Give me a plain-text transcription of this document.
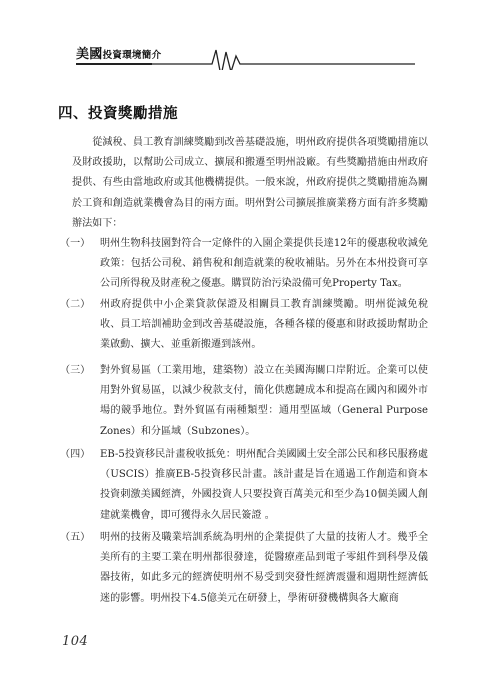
美國投資環境簡介
四、投資獎勵措施

從減稅、員工教育訓練獎勵到改善基礎設施，明州政府提供各項獎勵措施以及財政援助，以幫助公司成立、擴展和搬遷至明州設廠。有些獎勵措施由州政府提供、有些由當地政府或其他機構提供。一般來說，州政府提供之獎勵措施為關於工資和創造就業機會為目的兩方面。明州對公司擴展推廣業務方面有許多獎勵辦法如下：

（一） 明州生物科技園對符合一定條件的入園企業提供長達12年的優惠稅收減免政策：包括公司稅、銷售稅和創造就業的稅收補貼。另外在本州投資可享公司所得稅及財產稅之優惠。購買防治污染設備可免Property Tax。
（二） 州政府提供中小企業貸款保證及相關員工教育訓練獎勵。明州從減免稅收、員工培訓補助金到改善基礎設施，各種各樣的優惠和財政援助幫助企業啟動、擴大、並重新搬遷到該州。
（三） 對外貿易區（工業用地，建築物）設立在美國海關口岸附近。企業可以使用對外貿易區，以減少稅款支付，簡化供應鏈成本和提高在國內和國外市場的競爭地位。對外貿區有兩種類型：通用型區域（General Purpose Zones）和分區域（Subzones）。
（四） EB-5投資移民計畫稅收抵免：明州配合美國國土安全部公民和移民服務處（USCIS）推廣EB-5投資移民計畫。該計畫是旨在通過工作創造和資本投資刺激美國經濟，外國投資人只要投資百萬美元和至少為10個美國人創建就業機會，即可獲得永久居民簽證 。
（五） 明州的技術及職業培訓系統為明州的企業提供了大量的技術人才。幾乎全美所有的主要工業在明州都很發達，從醫療產品到電子零組件到科學及儀器技術，如此多元的經濟使明州不易受到突發性經濟震盪和週期性經濟低迷的影響。明州投下4.5億美元在研發上，學術研發機構與各大廠商
104
